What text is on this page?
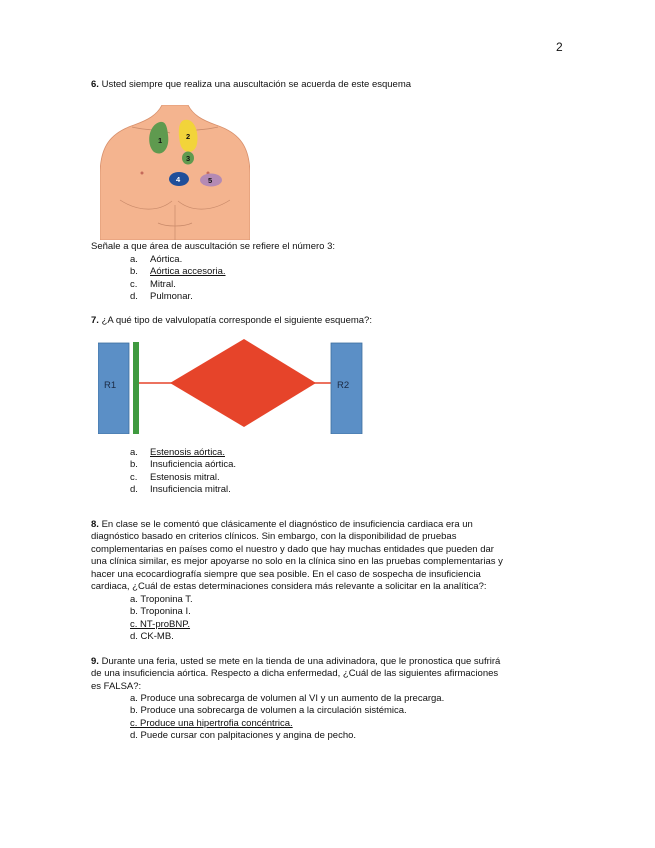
2
6. Usted siempre que realiza una auscultación se acuerda de este esquema
1	2
3
4	5
Señale a que área de auscultación se refiere el número 3:
a. Aórtica.
b. Aórtica accesoria.
c. Mitral.
d. Pulmonar.
7. ¿A qué tipo de valvulopatía corresponde el siguiente esquema?:
R1	R2
a. Estenosis aórtica.
b. Insuficiencia aórtica.
c. Estenosis mitral.
d. Insuficiencia mitral.
8. En clase se le comentó que clásicamente el diagnóstico de insuficiencia cardiaca era un
diagnóstico basado en criterios clínicos. Sin embargo, con la disponibilidad de pruebas
complementarias en países como el nuestro y dado que hay muchas entidades que pueden dar
una clínica similar, es mejor apoyarse no solo en la clínica sino en las pruebas complementarias y
hacer una ecocardiografía siempre que sea posible. En el caso de sospecha de insuficiencia
cardiaca, ¿Cuál de estas determinaciones considera más relevante a solicitar en la analítica?:
a. Troponina T.
b. Troponina I.
c. NT-proBNP.
d. CK-MB.
9. Durante una feria, usted se mete en la tienda de una adivinadora, que le pronostica que sufrirá
de una insuficiencia aórtica. Respecto a dicha enfermedad, ¿Cuál de las siguientes afirmaciones
es FALSA?:
a. Produce una sobrecarga de volumen al VI y un aumento de la precarga.
b. Produce una sobrecarga de volumen a la circulación sistémica.
c. Produce una hipertrofia concéntrica.
d. Puede cursar con palpitaciones y angina de pecho.
